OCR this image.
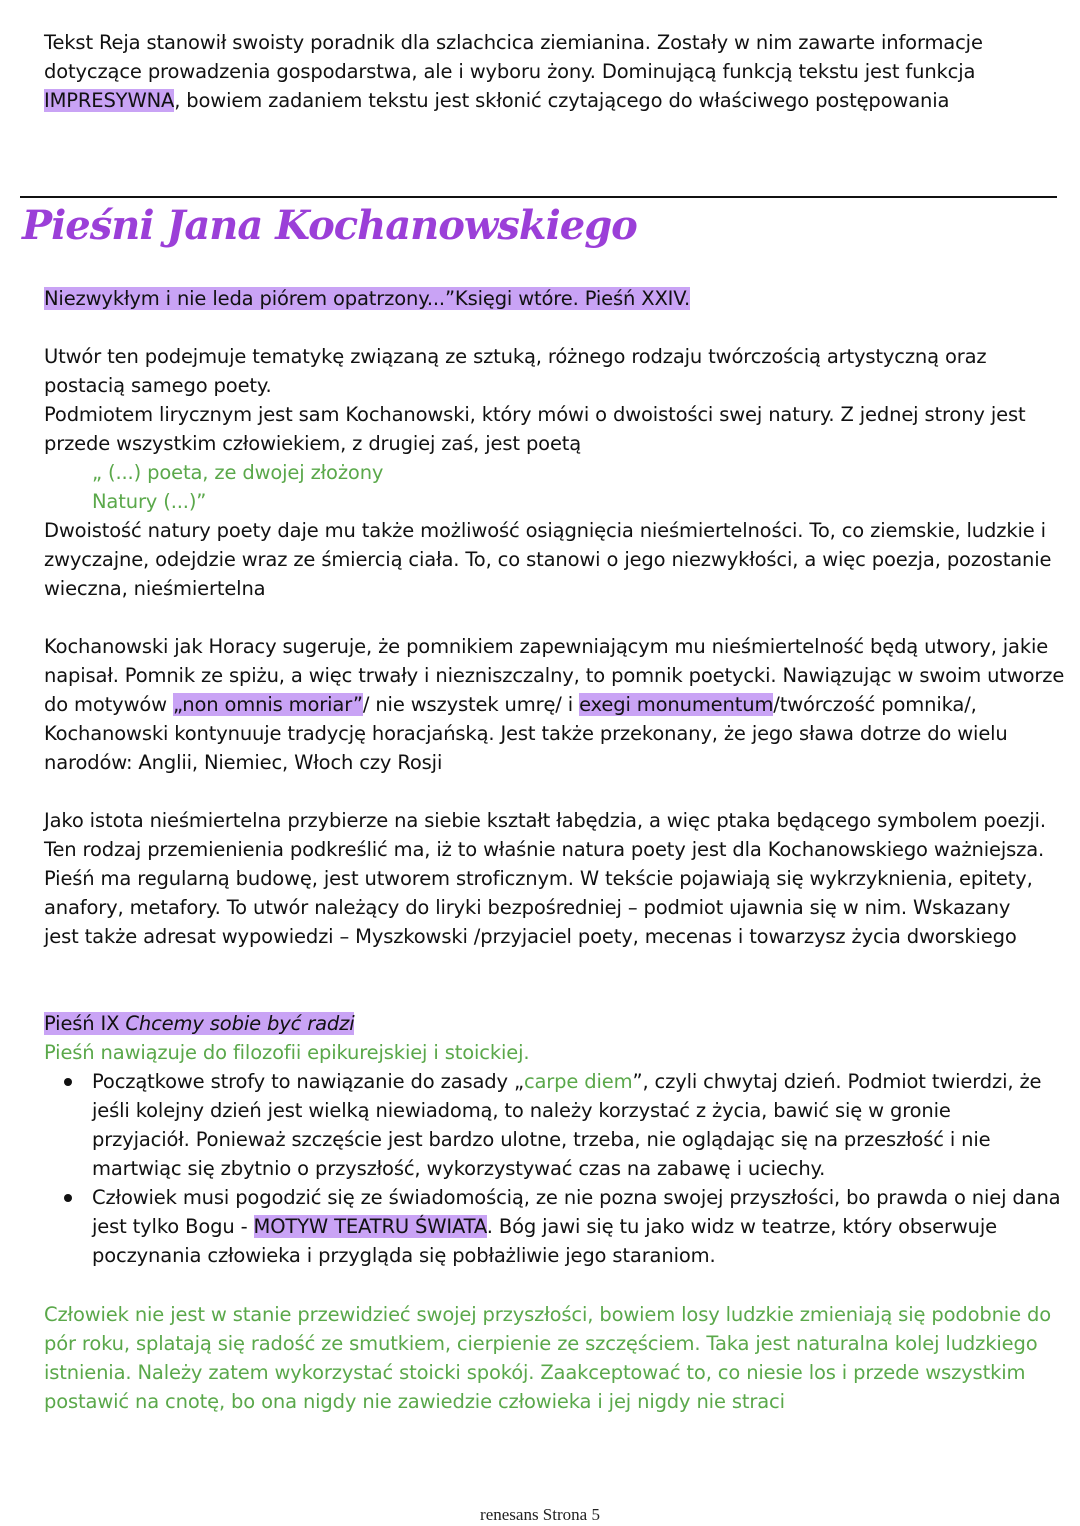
Tekst Reja stanowił swoisty poradnik dla szlachcica ziemianina. Zostały w nim zawarte informacje
dotyczące prowadzenia gospodarstwa, ale i wyboru żony. Dominującą funkcją tekstu jest funkcja
IMPRESYWNA, bowiem zadaniem tekstu jest skłonić czytającego do właściwego postępowania
Pieśni Jana Kochanowskiego
Niezwykłym i nie leda piórem opatrzony...”Księgi wtóre. Pieśń XXIV.
Utwór ten podejmuje tematykę związaną ze sztuką, różnego rodzaju twórczością artystyczną oraz
postacią samego poety.
Podmiotem lirycznym jest sam Kochanowski, który mówi o dwoistości swej natury. Z jednej strony jest
przede wszystkim człowiekiem, z drugiej zaś, jest poetą
„ (...) poeta, ze dwojej złożony
Natury (...)”
Dwoistość natury poety daje mu także możliwość osiągnięcia nieśmiertelności. To, co ziemskie, ludzkie i
zwyczajne, odejdzie wraz ze śmiercią ciała. To, co stanowi o jego niezwykłości, a więc poezja, pozostanie
wieczna, nieśmiertelna
Kochanowski jak Horacy sugeruje, że pomnikiem zapewniającym mu nieśmiertelność będą utwory, jakie
napisał. Pomnik ze spiżu, a więc trwały i niezniszczalny, to pomnik poetycki. Nawiązując w swoim utworze
do motywów „non omnis moriar”/ nie wszystek umrę/ i exegi monumentum/twórczość pomnika/,
Kochanowski kontynuuje tradycję horacjańską. Jest także przekonany, że jego sława dotrze do wielu
narodów: Anglii, Niemiec, Włoch czy Rosji
Jako istota nieśmiertelna przybierze na siebie kształt łabędzia, a więc ptaka będącego symbolem poezji.
Ten rodzaj przemienienia podkreślić ma, iż to właśnie natura poety jest dla Kochanowskiego ważniejsza.
Pieśń ma regularną budowę, jest utworem stroficznym. W tekście pojawiają się wykrzyknienia, epitety,
anafory, metafory. To utwór należący do liryki bezpośredniej – podmiot ujawnia się w nim. Wskazany
jest także adresat wypowiedzi – Myszkowski /przyjaciel poety, mecenas i towarzysz życia dworskiego
Pieśń IX Chcemy sobie być radzi
Pieśń nawiązuje do filozofii epikurejskiej i stoickiej.
Początkowe strofy to nawiązanie do zasady „carpe diem”, czyli chwytaj dzień. Podmiot twierdzi, że
jeśli kolejny dzień jest wielką niewiadomą, to należy korzystać z życia, bawić się w gronie
przyjaciół. Ponieważ szczęście jest bardzo ulotne, trzeba, nie oglądając się na przeszłość i nie
martwiąc się zbytnio o przyszłość, wykorzystywać czas na zabawę i uciechy.
Człowiek musi pogodzić się ze świadomością, ze nie pozna swojej przyszłości, bo prawda o niej dana
jest tylko Bogu - MOTYW TEATRU ŚWIATA. Bóg jawi się tu jako widz w teatrze, który obserwuje
poczynania człowieka i przygląda się pobłażliwie jego staraniom.
Człowiek nie jest w stanie przewidzieć swojej przyszłości, bowiem losy ludzkie zmieniają się podobnie do
pór roku, splatają się radość ze smutkiem, cierpienie ze szczęściem. Taka jest naturalna kolej ludzkiego
istnienia. Należy zatem wykorzystać stoicki spokój. Zaakceptować to, co niesie los i przede wszystkim
postawić na cnotę, bo ona nigdy nie zawiedzie człowieka i jej nigdy nie straci
renesans Strona 5
